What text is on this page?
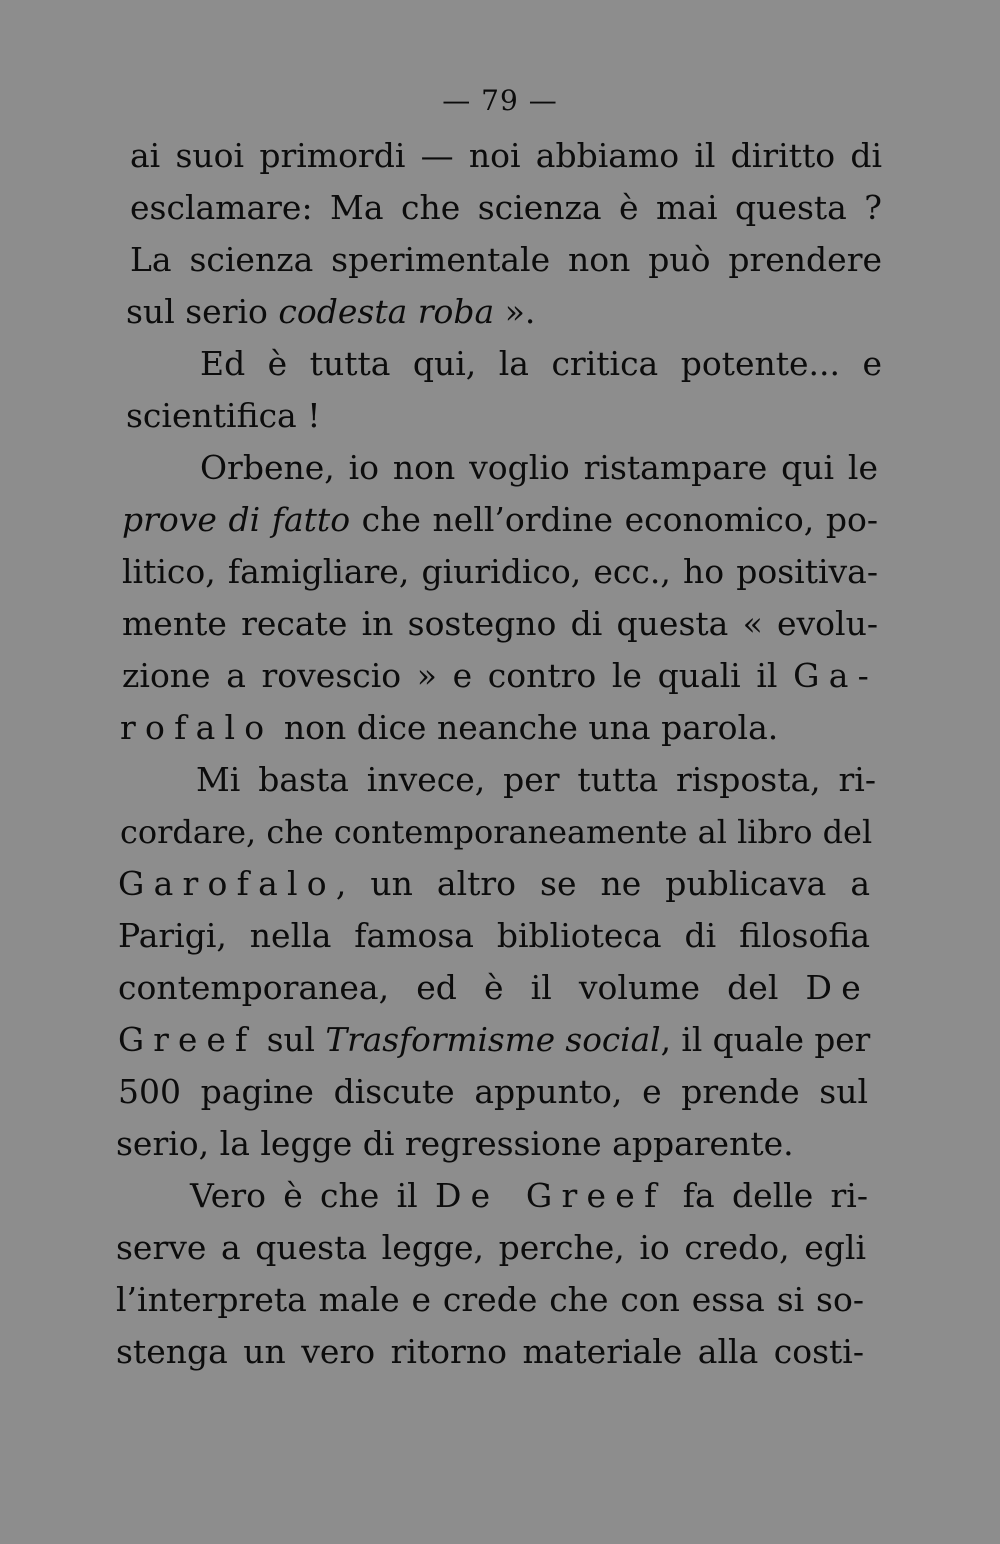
— 79 —
ai suoi primordi — noi abbiamo il diritto di
esclamare: Ma che scienza è mai questa ?
La scienza sperimentale non può prendere
sul serio codesta roba ».
Ed è tutta qui, la critica potente... e
scientifica !
Orbene, io non voglio ristampare qui le
prove di fatto che nell’ordine economico, po-
litico, famigliare, giuridico, ecc., ho positiva-
mente recate in sostegno di questa « evolu-
zione a rovescio » e contro le quali il Ga-
rofalo non dice neanche una parola.
Mi basta invece, per tutta risposta, ri-
cordare, che contemporaneamente al libro del
Garofalo, un altro se ne publicava a
Parigi, nella famosa biblioteca di filosofia
contemporanea, ed è il volume del De
Greef sul Trasformisme social, il quale per
500 pagine discute appunto, e prende sul
serio, la legge di regressione apparente.
Vero è che il De Greef fa delle ri-
serve a questa legge, perche, io credo, egli
l’interpreta male e crede che con essa si so-
stenga un vero ritorno materiale alla costi-
